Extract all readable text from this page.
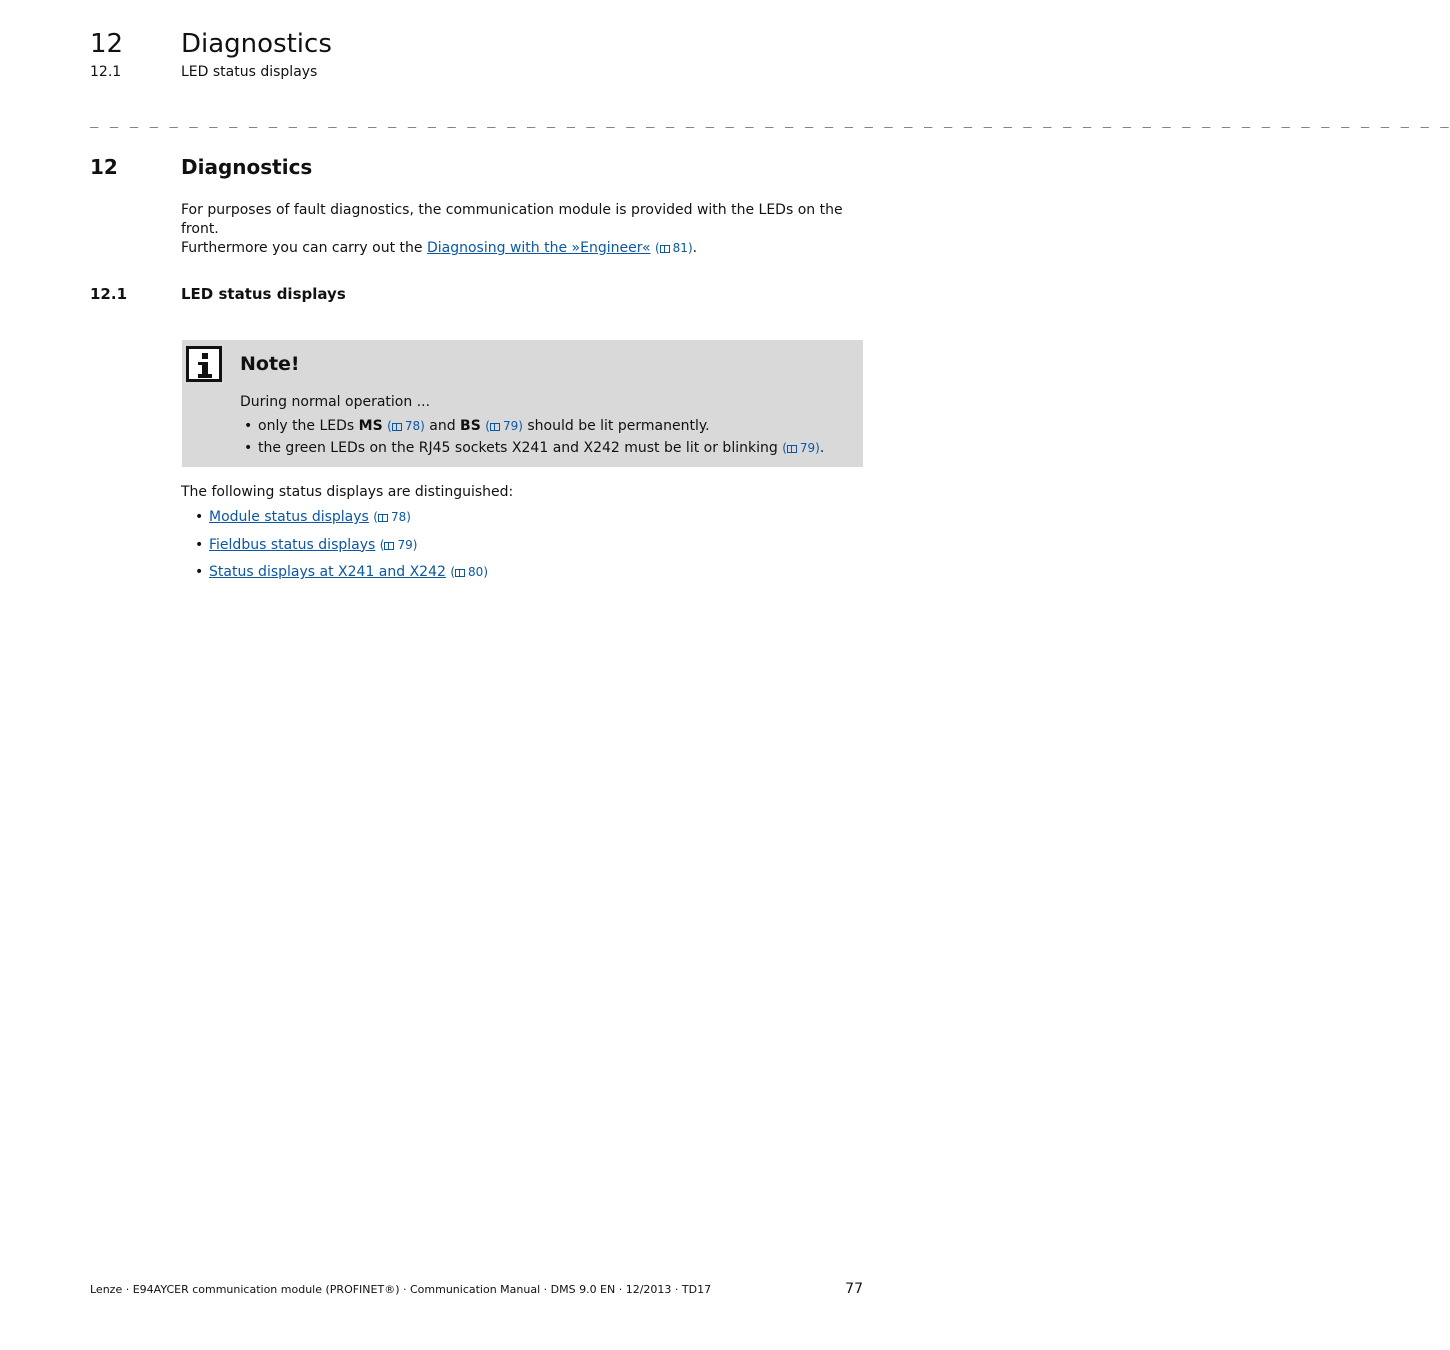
12 Diagnostics
12.1	LED status displays
_ _ _ _ _ _ _ _ _ _ _ _ _ _ _ _ _ _ _ _ _ _ _ _ _ _ _ _ _ _ _ _ _ _ _ _ _ _ _ _ _ _ _ _ _ _ _ _ _ _ _ _ _ _ _ _ _ _ _ _ _ _ _ _ _ _ _ _ _
12	Diagnostics
For purposes of fault diagnostics, the communication module is provided with the LEDs on the front.
Furthermore you can carry out the Diagnosing with the »Engineer« ( 81).
12.1	LED status displays
Note!
During normal operation ...
• only the LEDs MS ( 78) and BS ( 79) should be lit permanently.
• the green LEDs on the RJ45 sockets X241 and X242 must be lit or blinking ( 79).
The following status displays are distinguished:
• Module status displays ( 78)
• Fieldbus status displays ( 79)
• Status displays at X241 and X242 ( 80)
Lenze · E94AYCER communication module (PROFINET®) · Communication Manual · DMS 9.0 EN · 12/2013 · TD17	77
